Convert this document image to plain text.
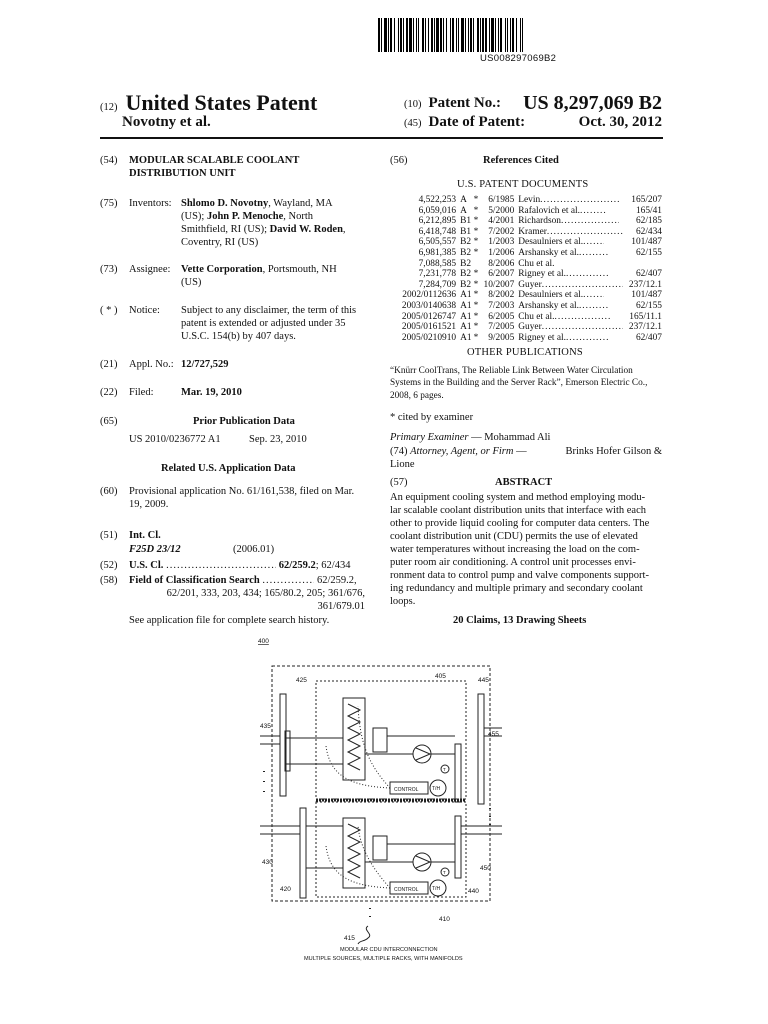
US008297069B2
(12) United States Patent
Novotny et al.
(10) Patent No.: US 8,297,069 B2
(45) Date of Patent:	Oct. 30, 2012
(54) MODULAR SCALABLE COOLANT DISTRIBUTION UNIT
(75) Inventors: Shlomo D. Novotny, Wayland, MA
(US); John P. Menoche, North
Smithfield, RI (US); David W. Roden,
Coventry, RI (US)
(73) Assignee: Vette Corporation, Portsmouth, NH
(US)
( * ) Notice: Subject to any disclaimer, the term of this
patent is extended or adjusted under 35
U.S.C. 154(b) by 407 days.
(21) Appl. No.: 12/727,529
(22) Filed:	Mar. 19, 2010
(65)	Prior Publication Data
US 2010/0236772 A1	Sep. 23, 2010
Related U.S. Application Data
(60) Provisional application No. 61/161,538, filed on Mar.
19, 2009.
(51) Int. Cl.
F25D 23/12	(2006.01)
(52) U.S. Cl. .....	62/259.2; 62/434
(58) Field of Classification Search .....	62/259.2,
62/201, 333, 203, 434; 165/80.2, 205; 361/676,
361/679.01
See application file for complete search history.
(56)	References Cited
U.S. PATENT DOCUMENTS
4,522,253	A	*	6/1985	Levin.....	165/207
6,059,016	A	*	5/2000	Rafalovich et al......	165/41
6,212,895	B1	*	4/2001	Richardson.....	62/185
6,418,748	B1	*	7/2002	Kramer.....	62/434
6,505,557	B2	*	1/2003	Desaulniers et al......	101/487
6,981,385	B2	*	1/2006	Arshansky et al......	62/155
7,088,585	B2		8/2006	Chu et al.	
7,231,778	B2	*	6/2007	Rigney et al......	62/407
7,284,709	B2	*	10/2007	Guyer.....	237/12.1
2002/0112636	A1	*	8/2002	Desaulniers et al......	101/487
2003/0140638	A1	*	7/2003	Arshansky et al......	62/155
2005/0126747	A1	*	6/2005	Chu et al......	165/11.1
2005/0161521	A1	*	7/2005	Guyer.....	237/12.1
2005/0210910	A1	*	9/2005	Rigney et al......	62/407
OTHER PUBLICATIONS
“Knürr CoolTrans, The Reliable Link Between Water Circulation
Systems in the Building and the Server Rack”, Emerson Electric Co.,
2008, 6 pages.
* cited by examiner
Primary Examiner — Mohammad Ali
(74) Attorney, Agent, or Firm —	Brinks Hofer Gilson &
Lione
(57)	ABSTRACT
An equipment cooling system and method employing modu-
lar scalable coolant distribution units that interface with each
other to provide liquid cooling for computer data centers. The
coolant distribution unit (CDU) permits the use of elevated
water temperatures without increasing the load on the com-
puter room air conditioning. A control unit processes envi-
ronment data to control pump and valve components support-
ing redundancy and multiple primary and secondary coolant
loops.
20 Claims, 13 Drawing Sheets
400
405
425	445
435
455
430
450
420	440
410
415
CONTROL
CONTROL
T/H
T/H
T
T
MODULAR CDU INTERCONNECTION
MULTIPLE SOURCES, MULTIPLE RACKS, WITH MANIFOLDS
